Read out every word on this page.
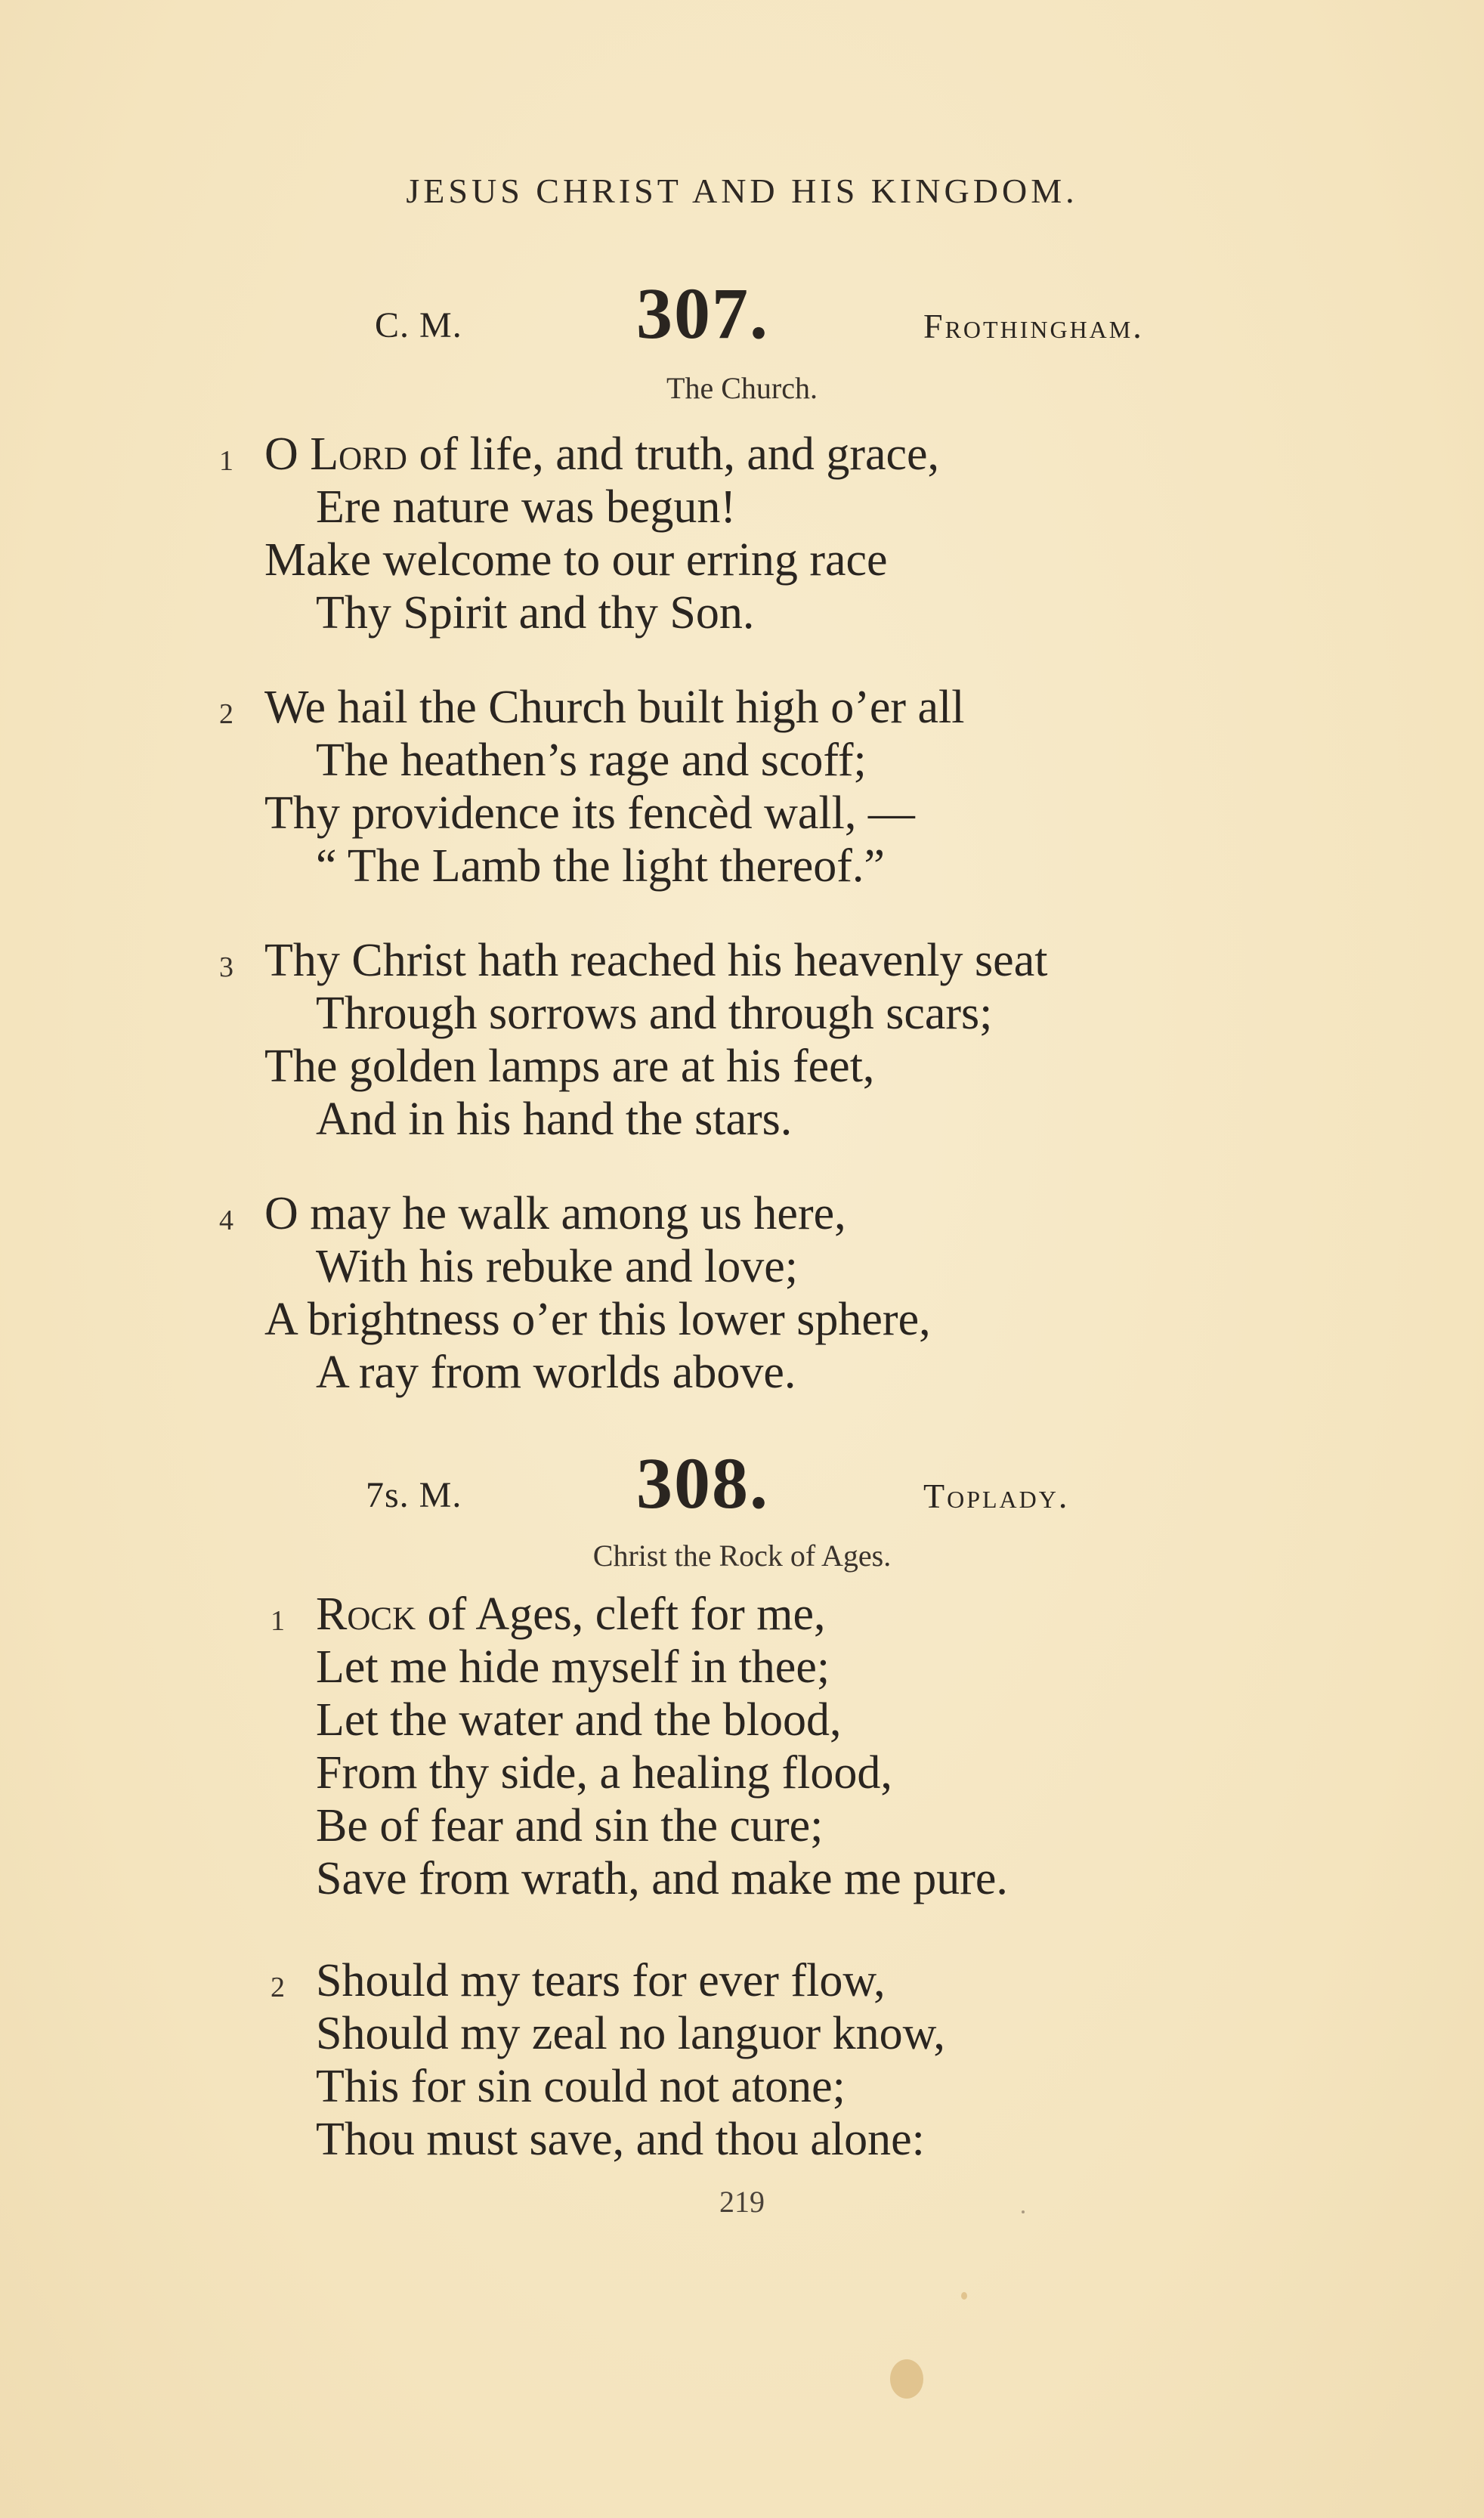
JESUS CHRIST AND HIS KINGDOM.
C. M. 307.	Frothingham.
The Church.
1 O Lord of life, and truth, and grace,
Ere nature was begun!
Make welcome to our erring race
Thy Spirit and thy Son.
2 We hail the Church built high o’er all
The heathen’s rage and scoff;
Thy providence its fencèd wall, —
“ The Lamb the light thereof.”
3 Thy Christ hath reached his heavenly seat
Through sorrows and through scars;
The golden lamps are at his feet,
And in his hand the stars.
4 O may he walk among us here,
With his rebuke and love;
A brightness o’er this lower sphere,
A ray from worlds above.
7s. M. 308.	Toplady.
Christ the Rock of Ages.
1 Rock of Ages, cleft for me,
Let me hide myself in thee;
Let the water and the blood,
From thy side, a healing flood,
Be of fear and sin the cure;
Save from wrath, and make me pure.
2 Should my tears for ever flow,
Should my zeal no languor know,
This for sin could not atone;
Thou must save, and thou alone:
219
